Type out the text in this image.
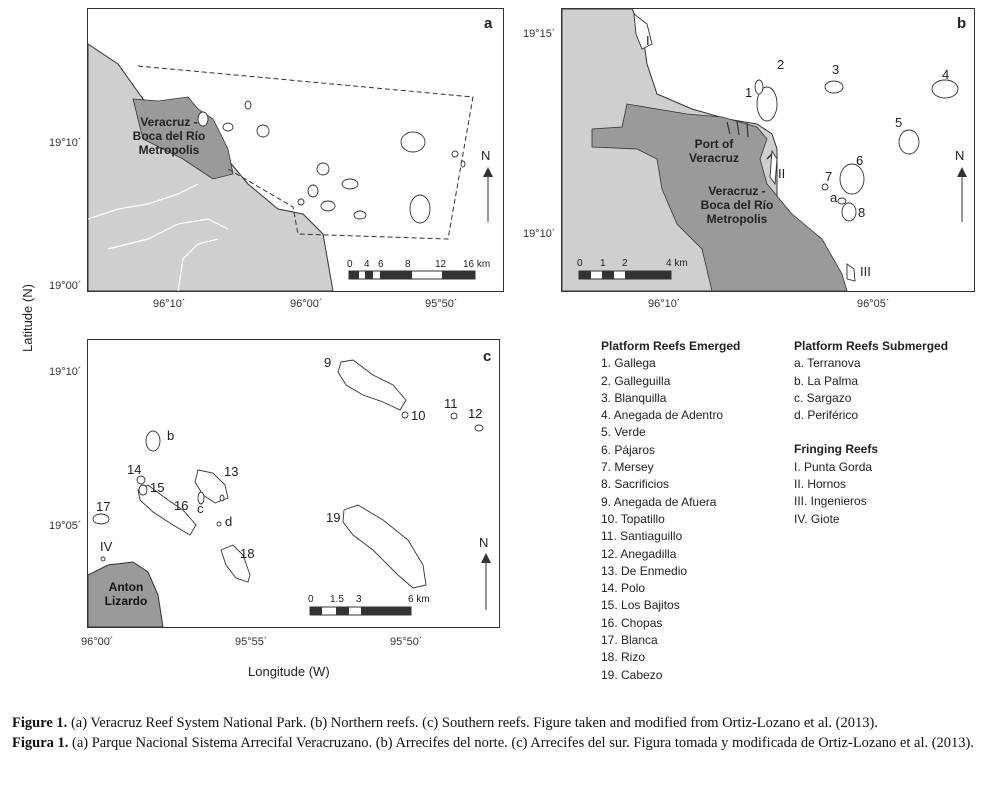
a
Veracruz -
Boca del Río
Metropolis	N
0 4 6 8 12 16 km
19°10´
19°00´
96°10´	96°00´	95°50´
b
Port of
Veracruz
Veracruz -
Boca del Río
Metropolis
I
2	3	4
1
5
6
II	7
a
8
III
N
0 1 2	4 km
19°15´
19°10´
96°10´	96°05´
c
Anton
Lizardo
9
10
11
12
b
14	13
15
16
17	c
d	19
IV	18
N
0 1.5 3	6 km
19°10´
19°05´
96°00´	95°55´	95°50´
Latitude (N)
Longitude (W)
Platform Reefs Emerged
1. Gallega
2. Galleguilla
3. Blanquilla
4. Anegada de Adentro
5. Verde
6. Pájaros
7. Mersey
8. Sacrificios
9. Anegada de Afuera
10. Topatillo
11. Santiaguillo
12. Anegadilla
13. De Enmedio
14. Polo
15. Los Bajitos
16. Chopas
17. Blanca
18. Rizo
19. Cabezo
Platform Reefs Submerged
a. Terranova
b. La Palma
c. Sargazo
d. Periférico
Fringing Reefs
I. Punta Gorda
II. Hornos
III. Ingenieros
IV. Giote

Figure 1. (a) Veracruz Reef System National Park. (b) Northern reefs. (c) Southern reefs. Figure taken and modified from Ortiz-Lozano et al. (2013).

Figura 1. (a) Parque Nacional Sistema Arrecifal Veracruzano. (b) Arrecifes del norte. (c) Arrecifes del sur. Figura tomada y modificada de Ortiz-Lozano et al. (2013).
